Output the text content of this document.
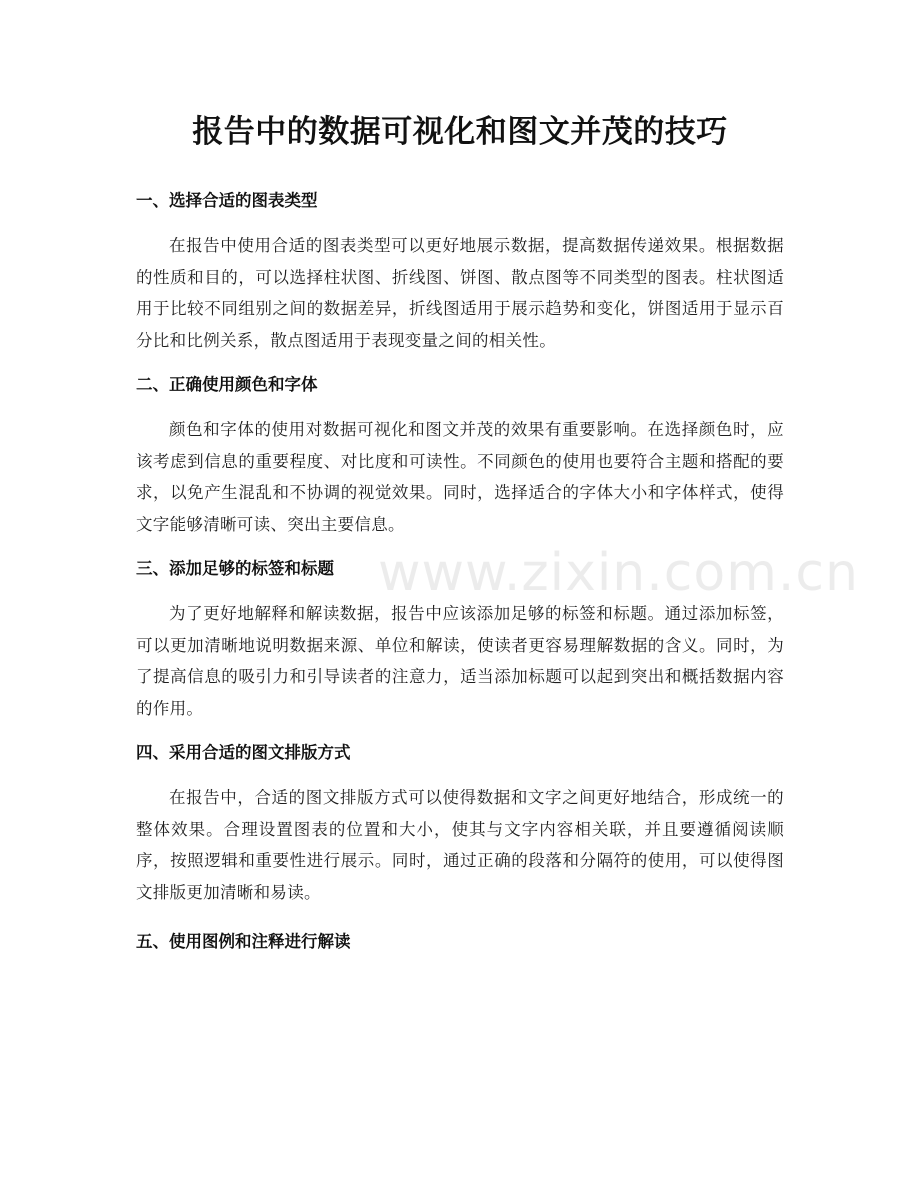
报告中的数据可视化和图文并茂的技巧
一、选择合适的图表类型

在报告中使用合适的图表类型可以更好地展示数据，提高数据传递效果。根据数据的性质和目的，可以选择柱状图、折线图、饼图、散点图等不同类型的图表。柱状图适用于比较不同组别之间的数据差异，折线图适用于展示趋势和变化，饼图适用于显示百分比和比例关系，散点图适用于表现变量之间的相关性。

二、正确使用颜色和字体

颜色和字体的使用对数据可视化和图文并茂的效果有重要影响。在选择颜色时，应该考虑到信息的重要程度、对比度和可读性。不同颜色的使用也要符合主题和搭配的要求，以免产生混乱和不协调的视觉效果。同时，选择适合的字体大小和字体样式，使得文字能够清晰可读、突出主要信息。

三、添加足够的标签和标题

为了更好地解释和解读数据，报告中应该添加足够的标签和标题。通过添加标签，可以更加清晰地说明数据来源、单位和解读，使读者更容易理解数据的含义。同时，为了提高信息的吸引力和引导读者的注意力，适当添加标题可以起到突出和概括数据内容的作用。

四、采用合适的图文排版方式

在报告中，合适的图文排版方式可以使得数据和文字之间更好地结合，形成统一的整体效果。合理设置图表的位置和大小，使其与文字内容相关联，并且要遵循阅读顺序，按照逻辑和重要性进行展示。同时，通过正确的段落和分隔符的使用，可以使得图文排版更加清晰和易读。

五、使用图例和注释进行解读
www.zixin.com.cn
